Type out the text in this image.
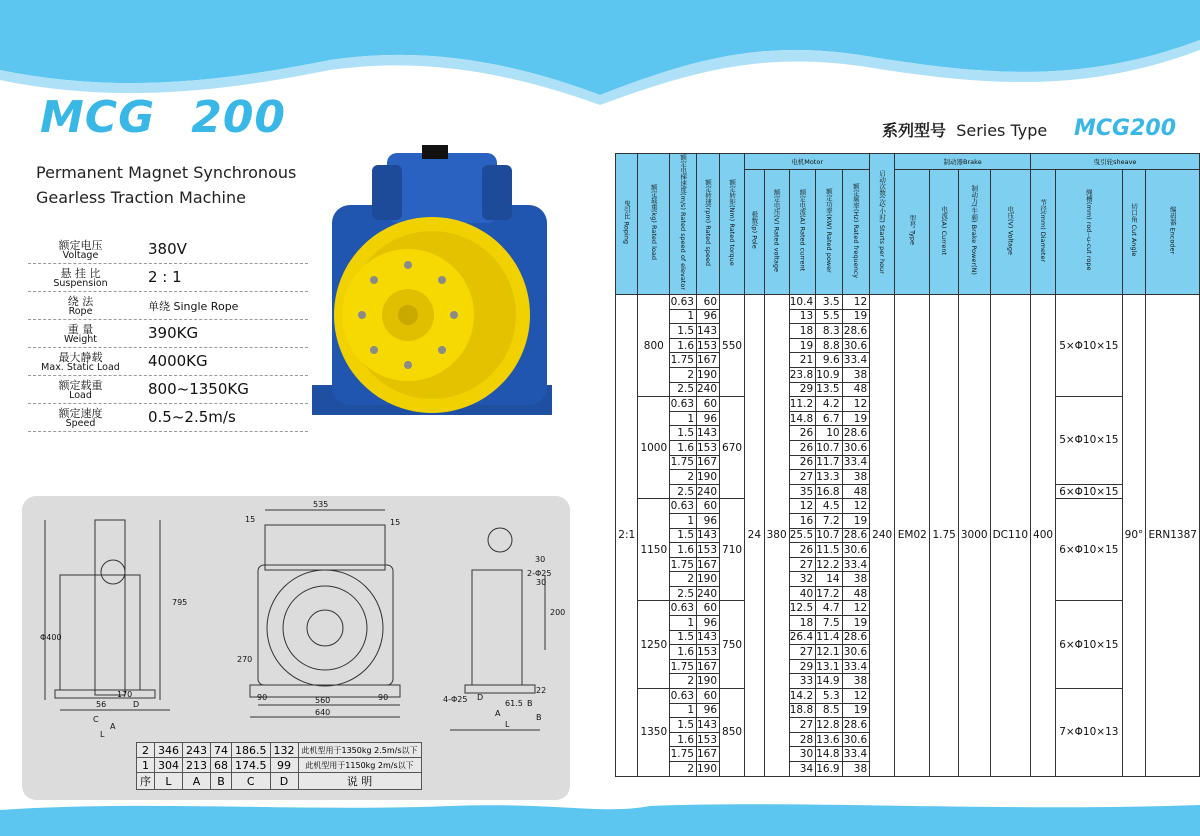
MCG 200
Permanent Magnet Synchronous
Gearless Traction Machine
额定电压
Voltage	380V
悬 挂 比
Suspension	2 : 1
绕 法
Rope	单绕 Single Rope
重 量
Weight	390KG
最大静载
Max. Static Load	4000KG
额定载重
Load	800~1350KG
额定速度
Speed	0.5~2.5m/s
535
15	15
795
Φ400
270
90	90
560
640
56
170
C
D
D
30
2-Φ25
30
200
4-Φ25	61.5
22
B
A
L
L
B
A
2	346	243	74	186.5	132	此机型用于1350kg 2.5m/s以下
1	304	213	68	174.5	99	此机型用于1150kg 2m/s以下
序	L	A	B	C	D	说 明
系列型号 Series Type MCG200
曳引比 Roping	额定载重(kg) Rated load	额定电梯速度(m/s) Rated speed of elevator	额定转速(rpm) Rated speed	额定转矩(Nm) Rated torque	电机Motor					启动次数(次/小时) Starts per hour	制动器Brake				曳引轮sheave			
					极数(p) Pole	额定电压(V) Rated voltage	额定电流(A) Rated current	额定功率(KW) Rated power	额定频率(Hz) Rated frequency		型号 Type	电流(A) Current	制动力(牛顿) Brake Power(N)	电压(V) Voltage	节径(mm) Diameter	绳槽(mm) rod--u-cut rope	切口角 Cut Angle	编码器 Encoder
2:1	800	0.63	60	550	24	380	10.4	3.5	12	240	EM02	1.75	3000	DC110	400	5×Φ10×15	90°	ERN1387
		1	96				13	5.5	19									
		1.5	143				18	8.3	28.6									
		1.6	153				19	8.8	30.6									
		1.75	167				21	9.6	33.4									
		2	190				23.8	10.9	38									
		2.5	240				29	13.5	48									
	1000	0.63	60	670			11.2	4.2	12							5×Φ10×15		
		1	96				14.8	6.7	19									
		1.5	143				26	10	28.6									
		1.6	153				26	10.7	30.6									
		1.75	167				26	11.7	33.4									
		2	190				27	13.3	38									
		2.5	240				35	16.8	48							6×Φ10×15		
	1150	0.63	60	710			12	4.5	12							6×Φ10×15		
		1	96				16	7.2	19									
		1.5	143				25.5	10.7	28.6									
		1.6	153				26	11.5	30.6									
		1.75	167				27	12.2	33.4									
		2	190				32	14	38									
		2.5	240				40	17.2	48									
	1250	0.63	60	750			12.5	4.7	12							6×Φ10×15		
		1	96				18	7.5	19									
		1.5	143				26.4	11.4	28.6									
		1.6	153				27	12.1	30.6									
		1.75	167				29	13.1	33.4									
		2	190				33	14.9	38									
	1350	0.63	60	850			14.2	5.3	12							7×Φ10×13		
		1	96				18.8	8.5	19									
		1.5	143				27	12.8	28.6									
		1.6	153				28	13.6	30.6									
		1.75	167				30	14.8	33.4									
		2	190				34	16.9	38									
